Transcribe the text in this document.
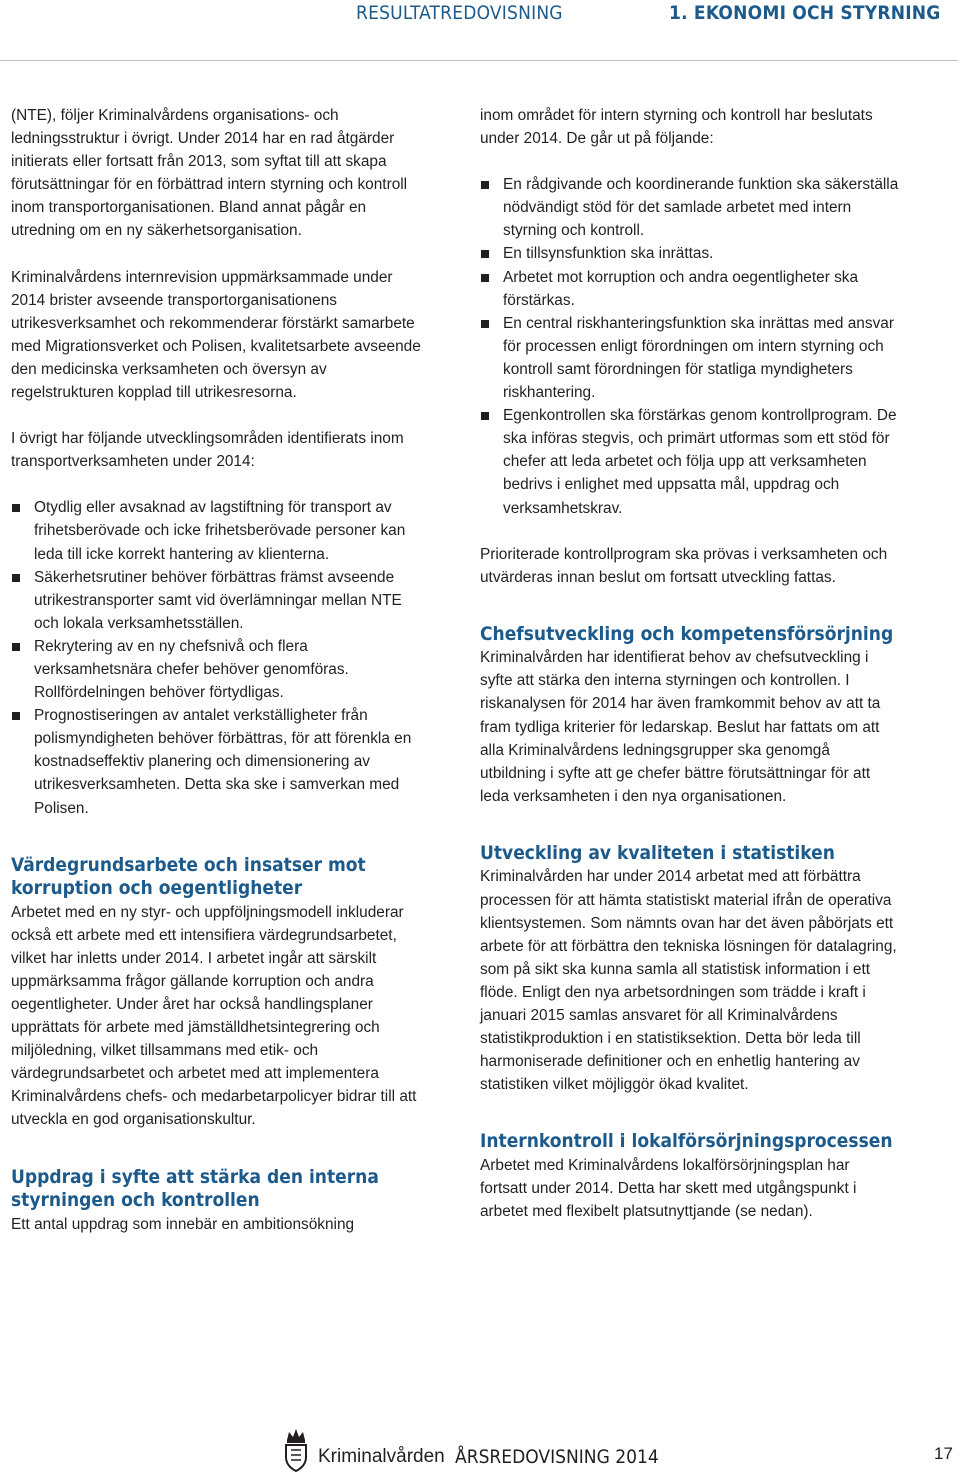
RESULTATREDOVISNING	1. EKONOMI OCH STYRNING

(NTE), följer Kriminalvårdens organisations- och ledningsstruktur i övrigt. Under 2014 har en rad åtgärder initierats eller fortsatt från 2013, som syftat till att skapa förutsättningar för en förbättrad intern styrning och kontroll inom transportorganisationen. Bland annat pågår en utredning om en ny säkerhetsorganisation.

Kriminalvårdens internrevision uppmärksammade under 2014 brister avseende transportorganisationens utrikesverksamhet och rekommenderar förstärkt samarbete med Migrationsverket och Polisen, kvalitetsarbete avseende den medicinska verksamheten och översyn av regelstrukturen kopplad till utrikesresorna.

I övrigt har följande utvecklingsområden identifierats inom transportverksamheten under 2014:

Otydlig eller avsaknad av lagstiftning för transport av frihetsberövade och icke frihetsberövade personer kan leda till icke korrekt hantering av klienterna.
Säkerhetsrutiner behöver förbättras främst avseende utrikestransporter samt vid överlämningar mellan NTE och lokala verksamhetsställen.
Rekrytering av en ny chefsnivå och flera verksamhetsnära chefer behöver genomföras. Rollfördelningen behöver förtydligas.
Prognostiseringen av antalet verkställigheter från polismyndigheten behöver förbättras, för att förenkla en kostnadseffektiv planering och dimensionering av utrikesverksamheten. Detta ska ske i samverkan med Polisen.
Värdegrundsarbete och insatser mot korruption och oegentligheter

Arbetet med en ny styr- och uppföljningsmodell inkluderar också ett arbete med ett intensifiera värdegrundsarbetet, vilket har inletts under 2014. I arbetet ingår att särskilt uppmärksamma frågor gällande korruption och andra oegentligheter. Under året har också handlingsplaner upprättats för arbete med jämställdhetsintegrering och miljöledning, vilket tillsammans med etik- och värdegrundsarbetet och arbetet med att implementera Kriminalvårdens chefs- och medarbetarpolicyer bidrar till att utveckla en god organisationskultur.

Uppdrag i syfte att stärka den interna styrningen och kontrollen

Ett antal uppdrag som innebär en ambitionsökning

inom området för intern styrning och kontroll har beslutats under 2014. De går ut på följande:

En rådgivande och koordinerande funktion ska säkerställa nödvändigt stöd för det samlade arbetet med intern styrning och kontroll.
En tillsynsfunktion ska inrättas.
Arbetet mot korruption och andra oegentligheter ska förstärkas.
En central riskhanteringsfunktion ska inrättas med ansvar för processen enligt förordningen om intern styrning och kontroll samt förordningen för statliga myndigheters riskhantering.
Egenkontrollen ska förstärkas genom kontrollprogram. De ska införas stegvis, och primärt utformas som ett stöd för chefer att leda arbetet och följa upp att verksamheten bedrivs i enlighet med uppsatta mål, uppdrag och verksamhetskrav.

Prioriterade kontrollprogram ska prövas i verksamheten och utvärderas innan beslut om fortsatt utveckling fattas.

Chefsutveckling och kompetensförsörjning

Kriminalvården har identifierat behov av chefsutveckling i syfte att stärka den interna styrningen och kontrollen. I riskanalysen för 2014 har även framkommit behov av att ta fram tydliga kriterier för ledarskap. Beslut har fattats om att alla Kriminalvårdens ledningsgrupper ska genomgå utbildning i syfte att ge chefer bättre förutsättningar för att leda verksamheten i den nya organisationen.

Utveckling av kvaliteten i statistiken

Kriminalvården har under 2014 arbetat med att förbättra processen för att hämta statistiskt material ifrån de operativa klientsystemen. Som nämnts ovan har det även påbörjats ett arbete för att förbättra den tekniska lösningen för datalagring, som på sikt ska kunna samla all statistisk information i ett flöde. Enligt den nya arbetsordningen som trädde i kraft i januari 2015 samlas ansvaret för all Kriminalvårdens statistikproduktion i en statistiksektion. Detta bör leda till harmoniserade definitioner och en enhetlig hantering av statistiken vilket möjliggör ökad kvalitet.

Internkontroll i lokalförsörjningsprocessen

Arbetet med Kriminalvårdens lokalförsörjningsplan har fortsatt under 2014. Detta har skett med utgångspunkt i arbetet med flexibelt platsutnyttjande (se nedan).

Kriminalvården ÅRSREDOVISNING 2014	17
